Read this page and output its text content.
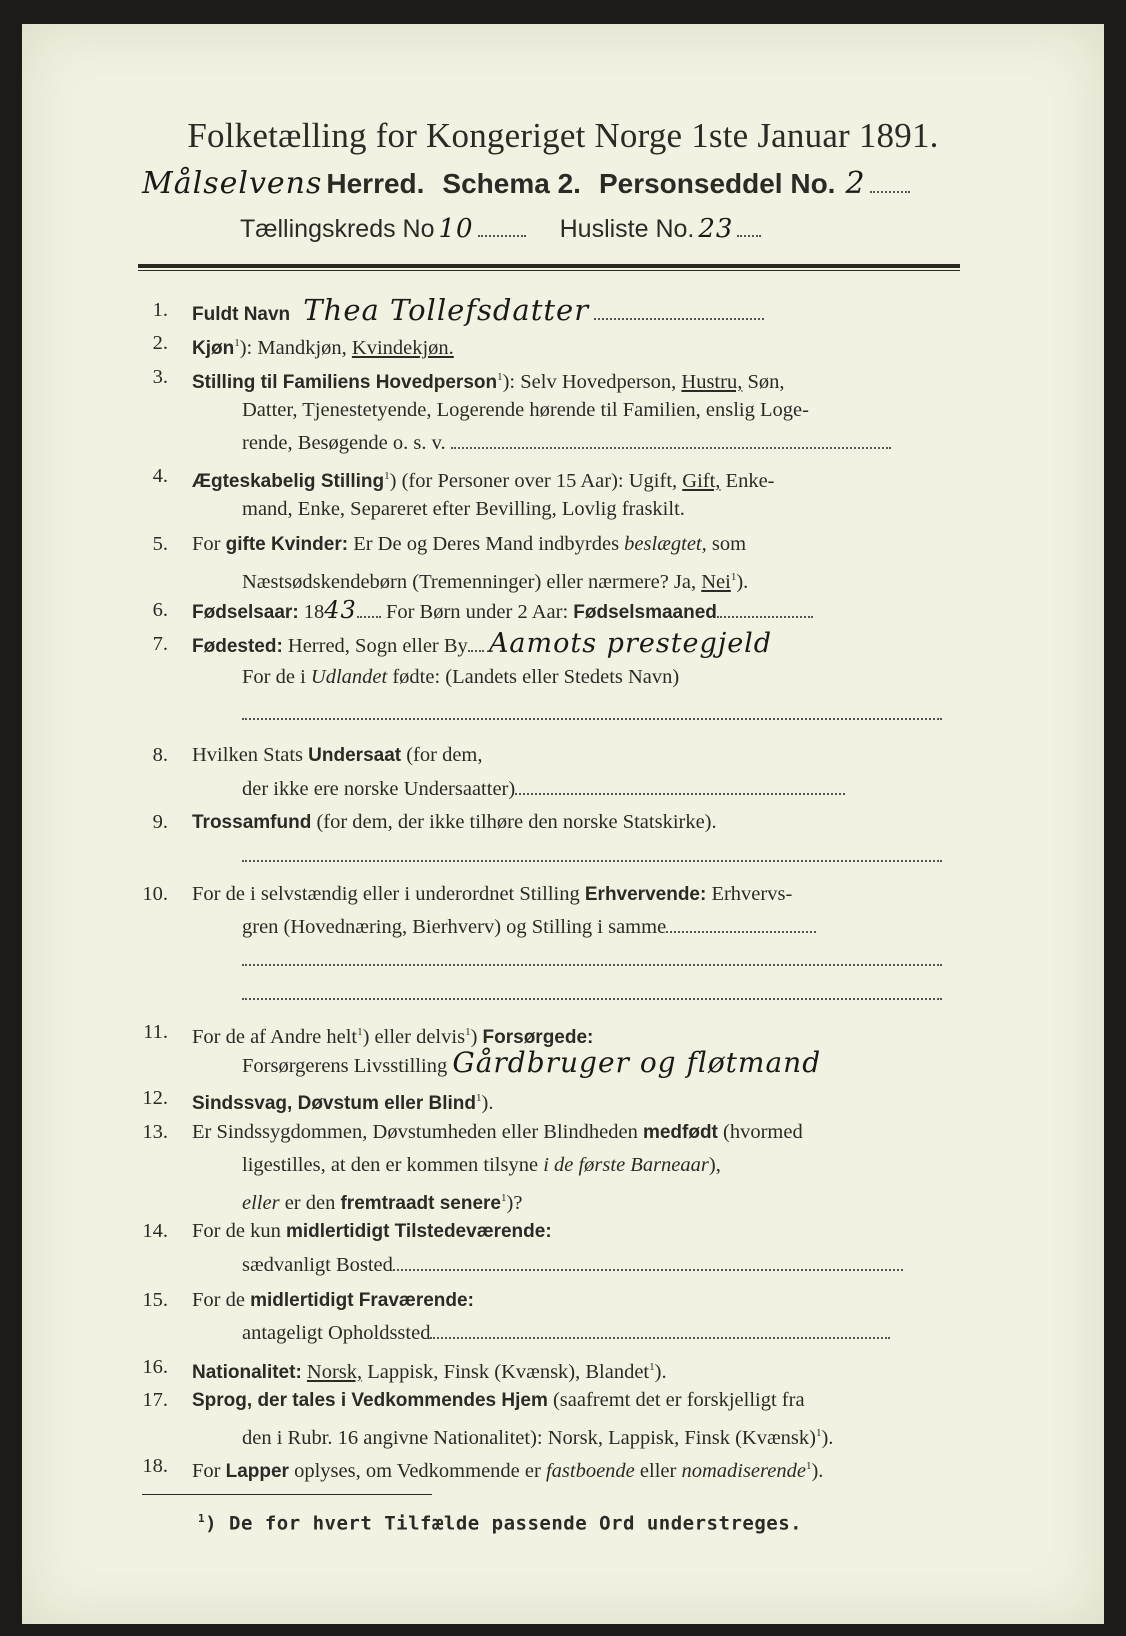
Folketælling for Kongeriget Norge 1ste Januar 1891.
Målselvens Herred. Schema 2. Personseddel No. 2
Tællingskreds No 10	Husliste No. 23
1. Fuldt Navn Thea Tollefsdatter
2. Kjøn$^1$): Mandkjøn, Kvindekjøn.
3. Stilling til Familiens Hovedperson$^1$): Selv Hovedperson, Hustru, Søn,
Datter, Tjenestetyende, Logerende hørende til Familien, enslig Loge-
rende, Besøgende o. s. v.
4. Ægteskabelig Stilling$^1$) (for Personer over 15 Aar): Ugift, Gift, Enke-
mand, Enke, Separeret efter Bevilling, Lovlig fraskilt.
5. For gifte Kvinder: Er De og Deres Mand indbyrdes beslægtet, som
Næstsødskendebørn (Tremenninger) eller nærmere? Ja, Nei$^1$).
6. Fødselsaar: 1843 For Børn under 2 Aar: Fødselsmaaned
7. Fødested: Herred, Sogn eller By Aamots prestegjeld
For de i Udlandet fødte: (Landets eller Stedets Navn)
8. Hvilken Stats Undersaat (for dem,
der ikke ere norske Undersaatter)
9. Trossamfund (for dem, der ikke tilhøre den norske Statskirke).
10. For de i selvstændig eller i underordnet Stilling Erhvervende: Erhvervs-
gren (Hovednæring, Bierhverv) og Stilling i samme
11. For de af Andre helt$^1$) eller delvis$^1$) Forsørgede:
Forsørgerens Livsstilling Gårdbruger og fløtmand
12. Sindssvag, Døvstum eller Blind$^1$).
13. Er Sindssygdommen, Døvstumheden eller Blindheden medfødt (hvormed
ligestilles, at den er kommen tilsyne i de første Barneaar),
eller er den fremtraadt senere$^1$)?
14. For de kun midlertidigt Tilstedeværende:
sædvanligt Bosted
15. For de midlertidigt Fraværende:
antageligt Opholdssted
16. Nationalitet: Norsk, Lappisk, Finsk (Kvænsk), Blandet$^1$).
17. Sprog, der tales i Vedkommendes Hjem (saafremt det er forskjelligt fra
den i Rubr. 16 angivne Nationalitet): Norsk, Lappisk, Finsk (Kvænsk)$^1$).
18. For Lapper oplyses, om Vedkommende er fastboende eller nomadiserende$^1$).
$^1$) De for hvert Tilfælde passende Ord understreges.
